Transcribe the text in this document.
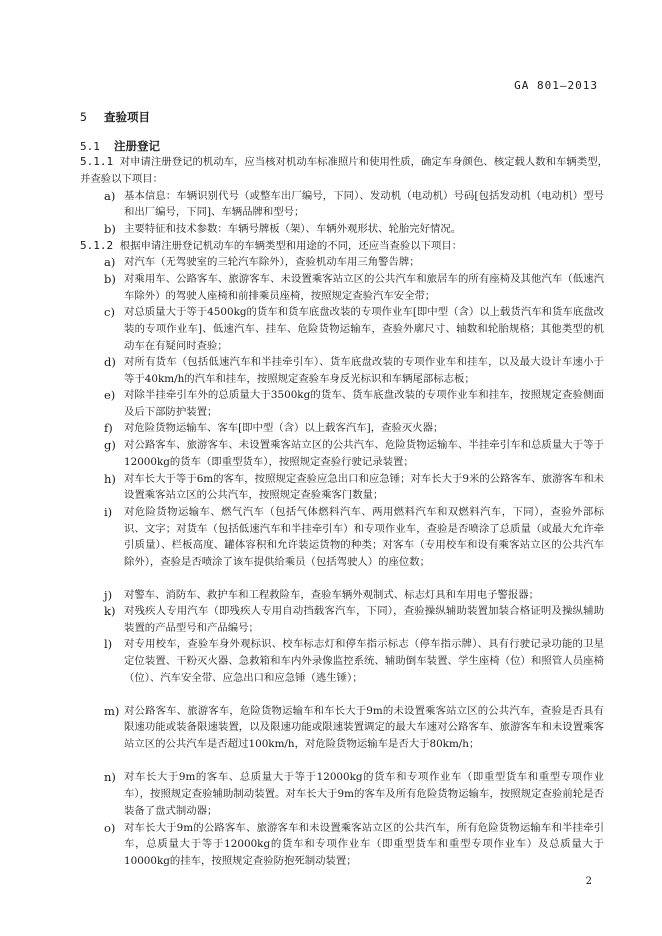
GA 801—2013
5 查验项目
5.1 注册登记
5.1.1 对申请注册登记的机动车，应当核对机动车标准照片和使用性质，确定车身颜色、核定载人数和车辆类型，并查验以下项目：
a) 基本信息：车辆识别代号（或整车出厂编号，下同）、发动机（电动机）号码[包括发动机（电动机）型号和出厂编号，下同]、车辆品牌和型号；
b) 主要特征和技术参数：车辆号牌板（架）、车辆外观形状、轮胎完好情况。
5.1.2 根据申请注册登记机动车的车辆类型和用途的不同，还应当查验以下项目：
a) 对汽车（无驾驶室的三轮汽车除外），查验机动车用三角警告牌；
b) 对乘用车、公路客车、旅游客车、未设置乘客站立区的公共汽车和旅居车的所有座椅及其他汽车（低速汽车除外）的驾驶人座椅和前排乘员座椅，按照规定查验汽车安全带；
c) 对总质量大于等于4500kg的货车和货车底盘改装的专项作业车[即中型（含）以上载货汽车和货车底盘改装的专项作业车]、低速汽车、挂车、危险货物运输车，查验外廓尺寸、轴数和轮胎规格；其他类型的机动车在有疑问时查验；
d) 对所有货车（包括低速汽车和半挂牵引车）、货车底盘改装的专项作业车和挂车，以及最大设计车速小于等于40km/h的汽车和挂车，按照规定查验车身反光标识和车辆尾部标志板；
e) 对除半挂牵引车外的总质量大于3500kg的货车、货车底盘改装的专项作业车和挂车，按照规定查验侧面及后下部防护装置；
f)	对危险货物运输车、客车[即中型（含）以上载客汽车]，查验灭火器；
g) 对公路客车、旅游客车、未设置乘客站立区的公共汽车、危险货物运输车、半挂牵引车和总质量大于等于12000kg的货车（即重型货车），按照规定查验行驶记录装置；
h) 对车长大于等于6m的客车，按照规定查验应急出口和应急锤；对车长大于9米的公路客车、旅游客车和未设置乘客站立区的公共汽车，按照规定查验乘客门数量；
i)	对危险货物运输车、燃气汽车（包括气体燃料汽车、两用燃料汽车和双燃料汽车，下同），查验外部标识、文字；对货车（包括低速汽车和半挂牵引车）和专项作业车，查验是否喷涂了总质量（或最大允许牵引质量）、栏板高度、罐体容积和允许装运货物的种类；对客车（专用校车和设有乘客站立区的公共汽车除外），查验是否喷涂了该车提供给乘员（包括驾驶人）的座位数；
j)	对警车、消防车、救护车和工程救险车，查验车辆外观制式、标志灯具和车用电子警报器；
k) 对残疾人专用汽车（即残疾人专用自动挡载客汽车，下同），查验操纵辅助装置加装合格证明及操纵辅助装置的产品型号和产品编号；
l)	对专用校车，查验车身外观标识、校车标志灯和停车指示标志（停车指示牌）、具有行驶记录功能的卫星定位装置、干粉灭火器、急救箱和车内外录像监控系统、辅助倒车装置、学生座椅（位）和照管人员座椅（位）、汽车安全带、应急出口和应急锤（逃生锤）；
m) 对公路客车、旅游客车，危险货物运输车和车长大于9m的未设置乘客站立区的公共汽车，查验是否具有限速功能或装备限速装置，以及限速功能或限速装置调定的最大车速对公路客车、旅游客车和未设置乘客站立区的公共汽车是否超过100km/h，对危险货物运输车是否大于80km/h；
2
n) 对车长大于9m的客车、总质量大于等于12000kg的货车和专项作业车（即重型货车和重型专项作业车），按照规定查验辅助制动装置。对车长大于9m的客车及所有危险货物运输车，按照规定查验前轮是否装备了盘式制动器；
o) 对车长大于9m的公路客车、旅游客车和未设置乘客站立区的公共汽车，所有危险货物运输车和半挂牵引车，总质量大于等于12000kg的货车和专项作业车（即重型货车和重型专项作业车）及总质量大于10000kg的挂车，按照规定查验防抱死制动装置；
